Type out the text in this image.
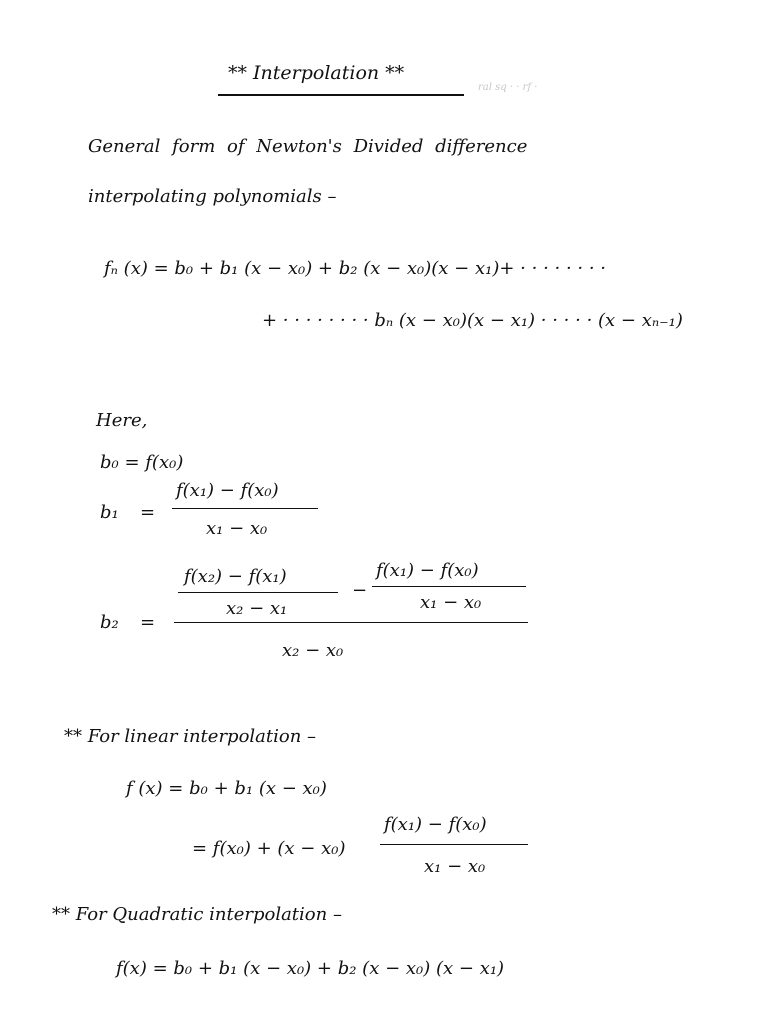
** Interpolation **
ral sq · · rf ·
General form of Newton's Divided difference
interpolating polynomials –
fₙ (x) = b₀ + b₁ (x − x₀) + b₂ (x − x₀)(x − x₁)+ · · · · · · · ·
+ · · · · · · · · bₙ (x − x₀)(x − x₁) · · · · · (x − xₙ₋₁)
Here,
b₀ = f(x₀)
b₁ =
f(x₁) − f(x₀)
x₁ − x₀
b₂ =
f(x₂) − f(x₁)
x₂ − x₁
−
f(x₁) − f(x₀)
x₁ − x₀
x₂ − x₀
** For linear interpolation –
f (x) = b₀ + b₁ (x − x₀)
= f(x₀) + (x − x₀)
f(x₁) − f(x₀)
x₁ − x₀
** For Quadratic interpolation –
f(x) = b₀ + b₁ (x − x₀) + b₂ (x − x₀) (x − x₁)
